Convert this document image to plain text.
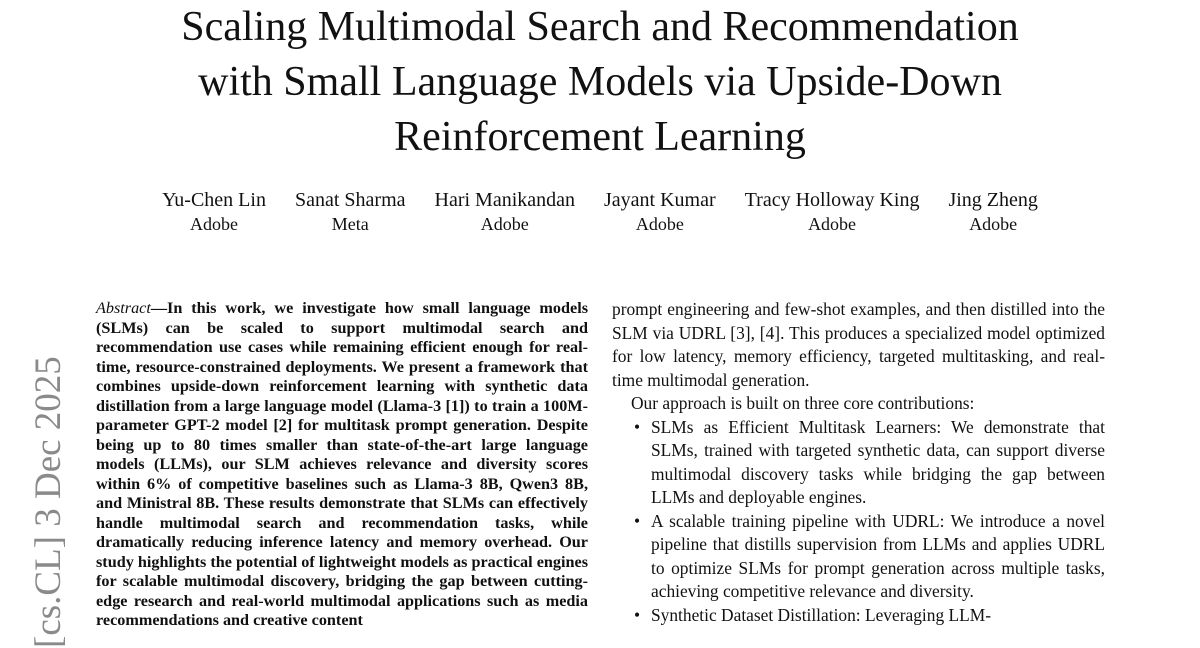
Scaling Multimodal Search and Recommendation
with Small Language Models via Upside-Down
Reinforcement Learning
Yu-Chen Lin
Adobe
Sanat Sharma
Meta
Hari Manikandan
Adobe
Jayant Kumar
Adobe
Tracy Holloway King
Adobe
Jing Zheng
Adobe
[cs.CL] 3 Dec 2025
Abstract—In this work, we investigate how small language models (SLMs) can be scaled to support multimodal search and recommendation use cases while remaining efficient enough for real-time, resource-constrained deployments. We present a framework that combines upside-down reinforcement learning with synthetic data distillation from a large language model (Llama-3 [1]) to train a 100M-parameter GPT-2 model [2] for multitask prompt generation. Despite being up to 80 times smaller than state-of-the-art large language models (LLMs), our SLM achieves relevance and diversity scores within 6% of competitive baselines such as Llama-3 8B, Qwen3 8B, and Ministral 8B. These results demonstrate that SLMs can effectively handle multimodal search and recommendation tasks, while dramatically reducing inference latency and memory overhead. Our study highlights the potential of lightweight models as practical engines for scalable multimodal discovery, bridging the gap between cutting-edge research and real-world multimodal applications such as media recommendations and creative content

prompt engineering and few-shot examples, and then distilled into the SLM via UDRL [3], [4]. This produces a specialized model optimized for low latency, memory efficiency, targeted multitasking, and real-time multimodal generation.

Our approach is built on three core contributions:

• SLMs as Efficient Multitask Learners: We demonstrate that SLMs, trained with targeted synthetic data, can support diverse multimodal discovery tasks while bridging the gap between LLMs and deployable engines.
• A scalable training pipeline with UDRL: We introduce a novel pipeline that distills supervision from LLMs and applies UDRL to optimize SLMs for prompt generation across multiple tasks, achieving competitive relevance and diversity.
• Synthetic Dataset Distillation: Leveraging LLM-
